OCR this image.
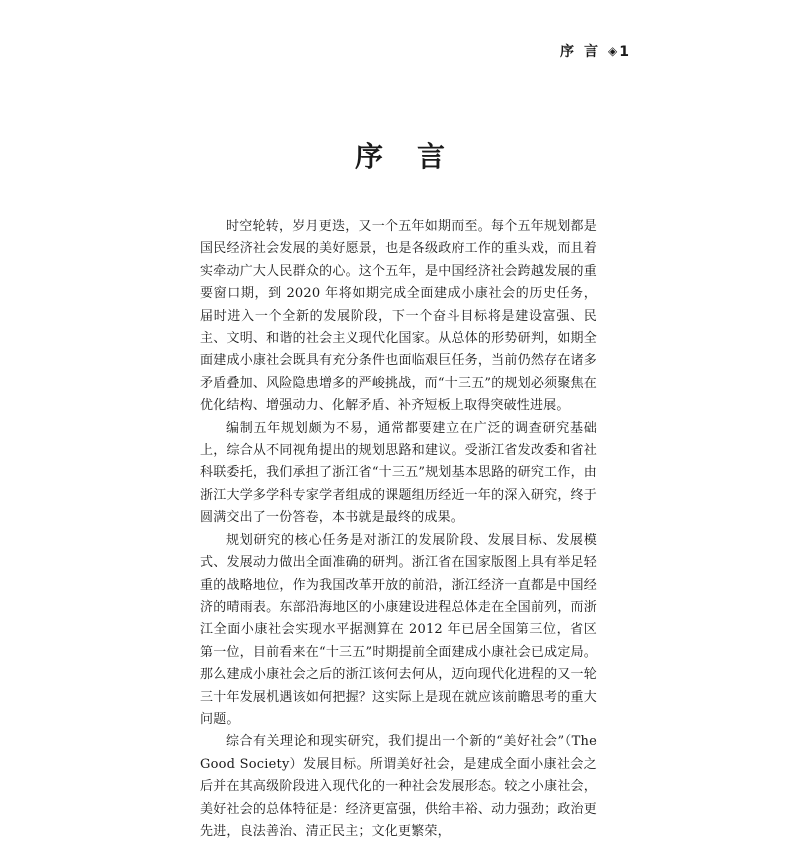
序言◈ 1
序言

时空轮转，岁月更迭，又一个五年如期而至。每个五年规划都是国民经济社会发展的美好愿景，也是各级政府工作的重头戏，而且着实牵动广大人民群众的心。这个五年，是中国经济社会跨越发展的重要窗口期，到 2020 年将如期完成全面建成小康社会的历史任务，届时进入一个全新的发展阶段，下一个奋斗目标将是建设富强、民主、文明、和谐的社会主义现代化国家。从总体的形势研判，如期全面建成小康社会既具有充分条件也面临艰巨任务，当前仍然存在诸多矛盾叠加、风险隐患增多的严峻挑战，而“十三五”的规划必须聚焦在优化结构、增强动力、化解矛盾、补齐短板上取得突破性进展。

编制五年规划颇为不易，通常都要建立在广泛的调查研究基础上，综合从不同视角提出的规划思路和建议。受浙江省发改委和省社科联委托，我们承担了浙江省“十三五”规划基本思路的研究工作，由浙江大学多学科专家学者组成的课题组历经近一年的深入研究，终于圆满交出了一份答卷，本书就是最终的成果。

规划研究的核心任务是对浙江的发展阶段、发展目标、发展模式、发展动力做出全面准确的研判。浙江省在国家版图上具有举足轻重的战略地位，作为我国改革开放的前沿，浙江经济一直都是中国经济的晴雨表。东部沿海地区的小康建设进程总体走在全国前列，而浙江全面小康社会实现水平据测算在 2012 年已居全国第三位，省区第一位，目前看来在“十三五”时期提前全面建成小康社会已成定局。那么建成小康社会之后的浙江该何去何从，迈向现代化进程的又一轮三十年发展机遇该如何把握？这实际上是现在就应该前瞻思考的重大问题。

综合有关理论和现实研究，我们提出一个新的“美好社会”（The Good Society）发展目标。所谓美好社会，是建成全面小康社会之后并在其高级阶段进入现代化的一种社会发展形态。较之小康社会，美好社会的总体特征是：经济更富强，供给丰裕、动力强劲；政治更先进，良法善治、清正民主；文化更繁荣，
